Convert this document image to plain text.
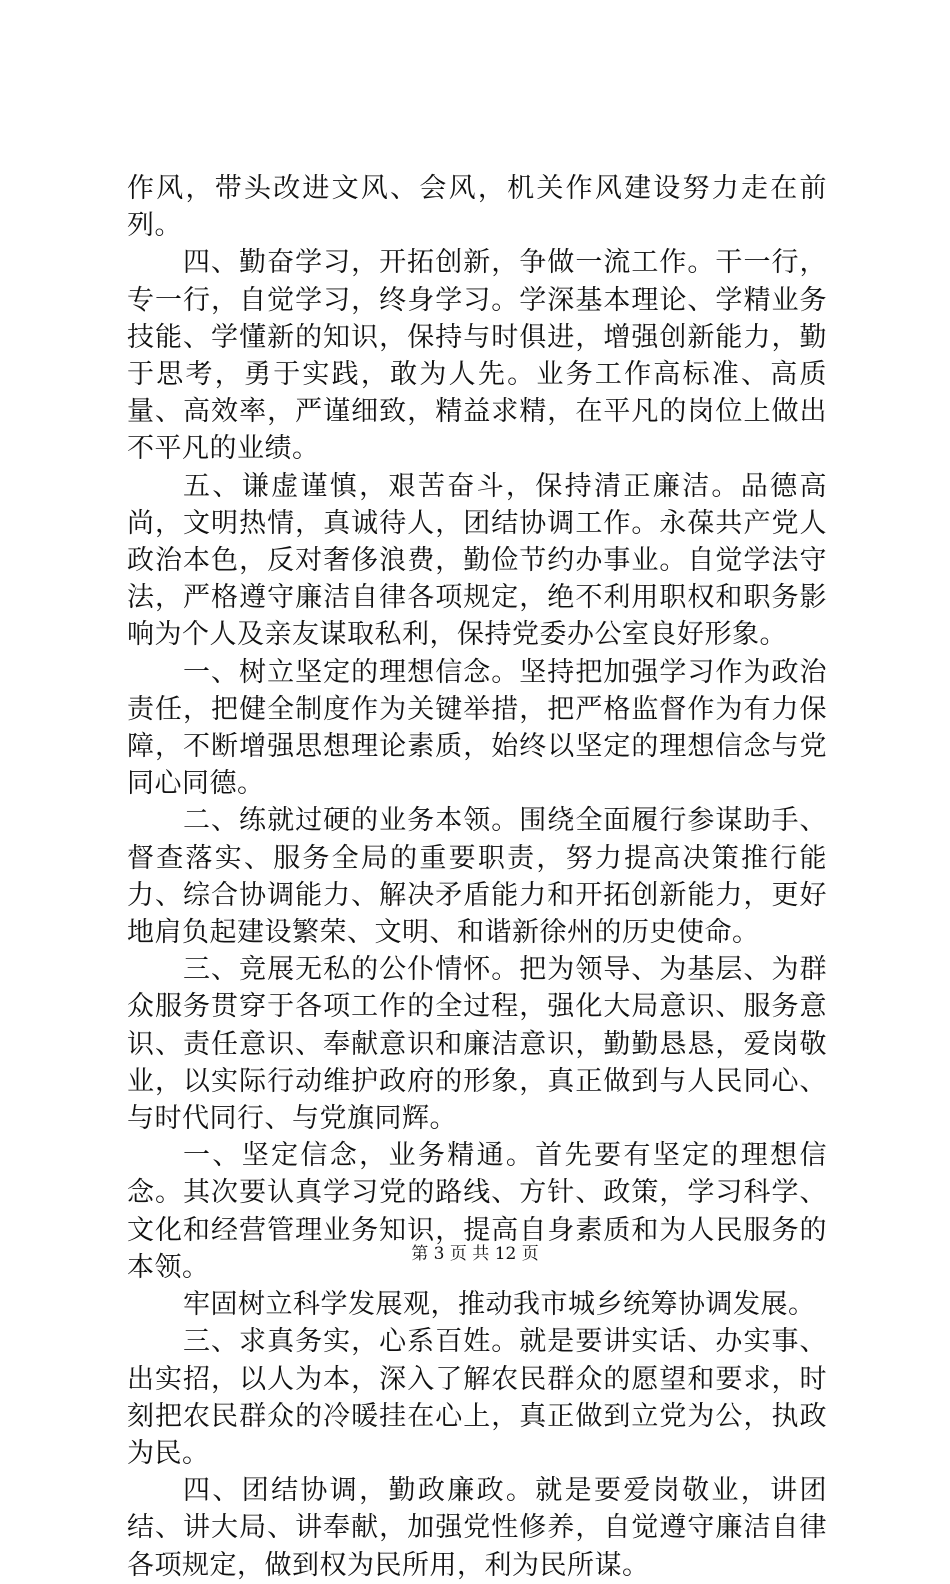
作风，带头改进文风、会风，机关作风建设努力走在前列。

四、勤奋学习，开拓创新，争做一流工作。干一行，专一行，自觉学习，终身学习。学深基本理论、学精业务技能、学懂新的知识，保持与时俱进，增强创新能力，勤于思考，勇于实践，敢为人先。业务工作高标准、高质量、高效率，严谨细致，精益求精，在平凡的岗位上做出不平凡的业绩。

五、谦虚谨慎，艰苦奋斗，保持清正廉洁。品德高尚，文明热情，真诚待人，团结协调工作。永葆共产党人政治本色，反对奢侈浪费，勤俭节约办事业。自觉学法守法，严格遵守廉洁自律各项规定，绝不利用职权和职务影响为个人及亲友谋取私利，保持党委办公室良好形象。

一、树立坚定的理想信念。坚持把加强学习作为政治责任，把健全制度作为关键举措，把严格监督作为有力保障，不断增强思想理论素质，始终以坚定的理想信念与党同心同德。

二、练就过硬的业务本领。围绕全面履行参谋助手、督查落实、服务全局的重要职责，努力提高决策推行能力、综合协调能力、解决矛盾能力和开拓创新能力，更好地肩负起建设繁荣、文明、和谐新徐州的历史使命。

三、竞展无私的公仆情怀。把为领导、为基层、为群众服务贯穿于各项工作的全过程，强化大局意识、服务意识、责任意识、奉献意识和廉洁意识，勤勤恳恳，爱岗敬业，以实际行动维护政府的形象，真正做到与人民同心、与时代同行、与党旗同辉。

一、坚定信念，业务精通。首先要有坚定的理想信念。其次要认真学习党的路线、方针、政策，学习科学、文化和经营管理业务知识，提高自身素质和为人民服务的本领。

牢固树立科学发展观，推动我市城乡统筹协调发展。

三、求真务实，心系百姓。就是要讲实话、办实事、出实招，以人为本，深入了解农民群众的愿望和要求，时刻把农民群众的冷暖挂在心上，真正做到立党为公，执政为民。

四、团结协调，勤政廉政。就是要爱岗敬业，讲团结、讲大局、讲奉献，加强党性修养，自觉遵守廉洁自律各项规定，做到权为民所用，利为民所谋。

第 3 页 共 12 页
